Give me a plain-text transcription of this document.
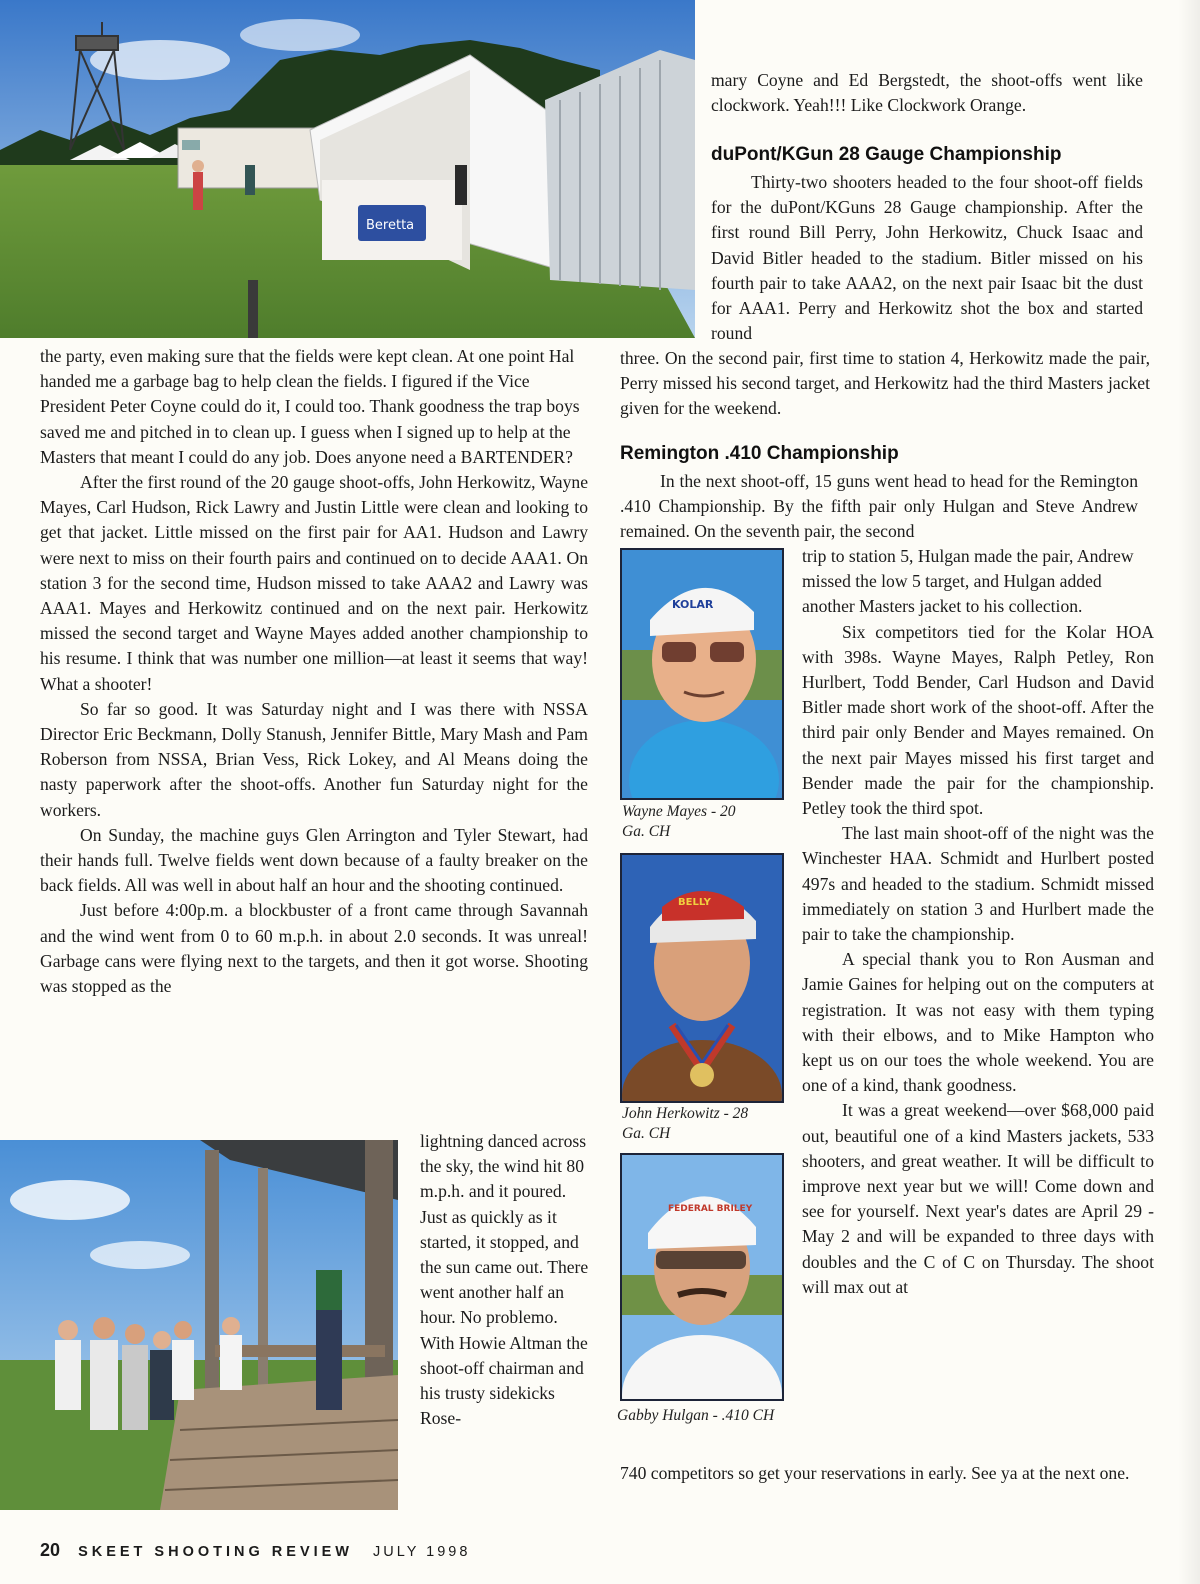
Beretta

mary Coyne and Ed Bergstedt, the shoot-offs went like clockwork. Yeah!!! Like Clockwork Orange.

duPont/KGun 28 Gauge Championship

Thirty-two shooters headed to the four shoot-off fields for the duPont/KGuns 28 Gauge championship. After the first round Bill Perry, John Herkowitz, Chuck Isaac and David Bitler headed to the stadium. Bitler missed on his fourth pair to take AAA2, on the next pair Isaac bit the dust for AAA1. Perry and Herkowitz shot the box and started round

three. On the second pair, first time to station 4, Herkowitz made the pair, Perry missed his second target, and Herkowitz had the third Masters jacket given for the weekend.

Remington .410 Championship

In the next shoot-off, 15 guns went head to head for the Remington .410 Championship. By the fifth pair only Hulgan and Steve Andrew remained. On the seventh pair, the second

KOLAR
Wayne Mayes - 20 Ga. CH
BELLY
John Herkowitz - 28 Ga. CH
FEDERAL BRILEY
Gabby Hulgan - .410 CH

trip to station 5, Hulgan made the pair, Andrew missed the low 5 target, and Hulgan added another Masters jacket to his collection.

Six competitors tied for the Kolar HOA with 398s. Wayne Mayes, Ralph Petley, Ron Hurlbert, Todd Bender, Carl Hudson and David Bitler made short work of the shoot-off. After the third pair only Bender and Mayes remained. On the next pair Mayes missed his first target and Bender made the pair for the championship. Petley took the third spot.

The last main shoot-off of the night was the Winchester HAA. Schmidt and Hurlbert posted 497s and headed to the stadium. Schmidt missed immediately on station 3 and Hurlbert made the pair to take the championship.

A special thank you to Ron Ausman and Jamie Gaines for helping out on the computers at registration. It was not easy with them typing with their elbows, and to Mike Hampton who kept us on our toes the whole weekend. You are one of a kind, thank goodness.

It was a great weekend—over $68,000 paid out, beautiful one of a kind Masters jackets, 533 shooters, and great weather. It will be difficult to improve next year but we will! Come down and see for yourself. Next year's dates are April 29 - May 2 and will be expanded to three days with doubles and the C of C on Thursday. The shoot will max out at

740 competitors so get your reservations in early. See ya at the next one.

the party, even making sure that the fields were kept clean. At one point Hal handed me a garbage bag to help clean the fields. I figured if the Vice President Peter Coyne could do it, I could too. Thank goodness the trap boys saved me and pitched in to clean up. I guess when I signed up to help at the Masters that meant I could do any job. Does anyone need a BARTENDER?

After the first round of the 20 gauge shoot-offs, John Herkowitz, Wayne Mayes, Carl Hudson, Rick Lawry and Justin Little were clean and looking to get that jacket. Little missed on the first pair for AA1. Hudson and Lawry were next to miss on their fourth pairs and continued on to decide AAA1. On station 3 for the second time, Hudson missed to take AAA2 and Lawry was AAA1. Mayes and Herkowitz continued and on the next pair. Herkowitz missed the second target and Wayne Mayes added another championship to his resume. I think that was number one million—at least it seems that way! What a shooter!

So far so good. It was Saturday night and I was there with NSSA Director Eric Beckmann, Dolly Stanush, Jennifer Bittle, Mary Mash and Pam Roberson from NSSA, Brian Vess, Rick Lokey, and Al Means doing the nasty paperwork after the shoot-offs. Another fun Saturday night for the workers.

On Sunday, the machine guys Glen Arrington and Tyler Stewart, had their hands full. Twelve fields went down because of a faulty breaker on the back fields. All was well in about half an hour and the shooting continued.

Just before 4:00p.m. a blockbuster of a front came through Savannah and the wind went from 0 to 60 m.p.h. in about 2.0 seconds. It was unreal! Garbage cans were flying next to the targets, and then it got worse. Shooting was stopped as the

lightning danced across the sky, the wind hit 80 m.p.h. and it poured. Just as quickly as it started, it stopped, and the sun came out. There went another half an hour. No problemo. With Howie Altman the shoot-off chairman and his trusty sidekicks Rose-

20 SKEET SHOOTING REVIEW JULY 1998
